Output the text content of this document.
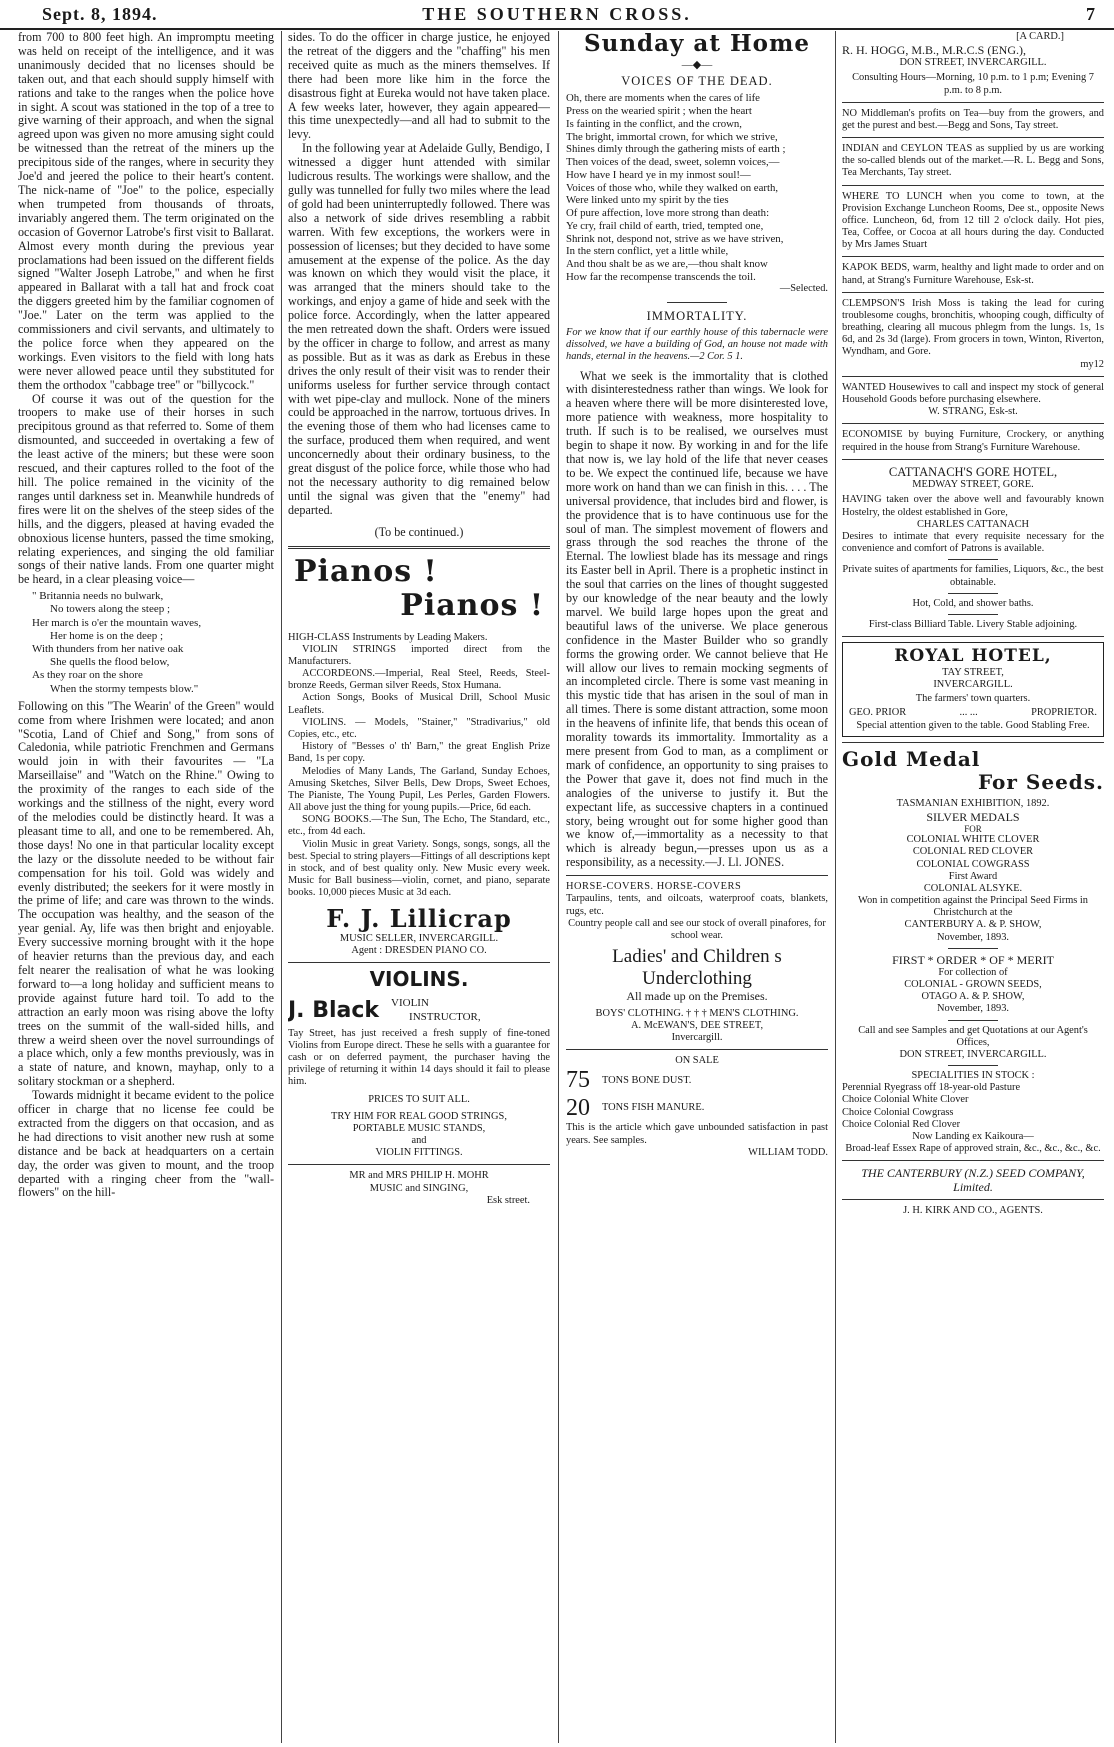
THE SOUTHERN CROSS.
Sept. 8, 1894.	7

from 700 to 800 feet high. An impromptu meeting was held on receipt of the intelligence, and it was unanimously decided that no licenses should be taken out, and that each should supply himself with rations and take to the ranges when the police hove in sight. A scout was stationed in the top of a tree to give warning of their approach, and when the signal agreed upon was given no more amusing sight could be witnessed than the retreat of the miners up the precipitous side of the ranges, where in security they Joe'd and jeered the police to their heart's content. The nick-name of "Joe" to the police, especially when trumpeted from thousands of throats, invariably angered them. The term originated on the occasion of Governor Latrobe's first visit to Ballarat. Almost every month during the previous year proclamations had been issued on the different fields signed "Walter Joseph Latrobe," and when he first appeared in Ballarat with a tall hat and frock coat the diggers greeted him by the familiar cognomen of "Joe." Later on the term was applied to the commissioners and civil servants, and ultimately to the police force when they appeared on the workings. Even visitors to the field with long hats were never allowed peace until they substituted for them the orthodox "cabbage tree" or "billycock."

Of course it was out of the question for the troopers to make use of their horses in such precipitous ground as that referred to. Some of them dismounted, and succeeded in overtaking a few of the least active of the miners; but these were soon rescued, and their captures rolled to the foot of the hill. The police remained in the vicinity of the ranges until darkness set in. Meanwhile hundreds of fires were lit on the shelves of the steep sides of the hills, and the diggers, pleased at having evaded the obnoxious license hunters, passed the time smoking, relating experiences, and singing the old familiar songs of their native lands. From one quarter might be heard, in a clear pleasing voice—

" Britannia needs no bulwark,
No towers along the steep ;
Her march is o'er the mountain waves,
Her home is on the deep ;
With thunders from her native oak
She quells the flood below,
As they roar on the shore
When the stormy tempests blow."

Following on this "The Wearin' of the Green" would come from where Irishmen were located; and anon "Scotia, Land of Chief and Song," from sons of Caledonia, while patriotic Frenchmen and Germans would join in with their favourites — "La Marseillaise" and "Watch on the Rhine." Owing to the proximity of the ranges to each side of the workings and the stillness of the night, every word of the melodies could be distinctly heard. It was a pleasant time to all, and one to be remembered. Ah, those days! No one in that particular locality except the lazy or the dissolute needed to be without fair compensation for his toil. Gold was widely and evenly distributed; the seekers for it were mostly in the prime of life; and care was thrown to the winds. The occupation was healthy, and the season of the year genial. Ay, life was then bright and enjoyable. Every successive morning brought with it the hope of heavier returns than the previous day, and each felt nearer the realisation of what he was looking forward to—a long holiday and sufficient means to provide against future hard toil. To add to the attraction an early moon was rising above the lofty trees on the summit of the wall-sided hills, and threw a weird sheen over the novel surroundings of a place which, only a few months previously, was in a state of nature, and known, mayhap, only to a solitary stockman or a shepherd.

Towards midnight it became evident to the police officer in charge that no license fee could be extracted from the diggers on that occasion, and as he had directions to visit another new rush at some distance and be back at headquarters on a certain day, the order was given to mount, and the troop departed with a ringing cheer from the "wall-flowers" on the hill-

sides. To do the officer in charge justice, he enjoyed the retreat of the diggers and the "chaffing" his men received quite as much as the miners themselves. If there had been more like him in the force the disastrous fight at Eureka would not have taken place. A few weeks later, however, they again appeared—this time unexpectedly—and all had to submit to the levy.

In the following year at Adelaide Gully, Bendigo, I witnessed a digger hunt attended with similar ludicrous results. The workings were shallow, and the gully was tunnelled for fully two miles where the lead of gold had been uninterruptedly followed. There was also a network of side drives resembling a rabbit warren. With few exceptions, the workers were in possession of licenses; but they decided to have some amusement at the expense of the police. As the day was known on which they would visit the place, it was arranged that the miners should take to the workings, and enjoy a game of hide and seek with the police force. Accordingly, when the latter appeared the men retreated down the shaft. Orders were issued by the officer in charge to follow, and arrest as many as possible. But as it was as dark as Erebus in these drives the only result of their visit was to render their uniforms useless for further service through contact with wet pipe-clay and mullock. None of the miners could be approached in the narrow, tortuous drives. In the evening those of them who had licenses came to the surface, produced them when required, and went unconcernedly about their ordinary business, to the great disgust of the police force, while those who had not the necessary authority to dig remained below until the signal was given that the "enemy" had departed.

(To be continued.)
Pianos !
Pianos !

HIGH-CLASS Instruments by Leading Makers.

VIOLIN STRINGS imported direct from the Manufacturers.

ACCORDEONS.—Imperial, Real Steel, Reeds, Steel-bronze Reeds, German silver Reeds, Stox Humana.

Action Songs, Books of Musical Drill, School Music Leaflets.

VIOLINS. — Models, "Stainer," "Stradivarius," old Copies, etc., etc.

History of "Besses o' th' Barn," the great English Prize Band, 1s per copy.

Melodies of Many Lands, The Garland, Sunday Echoes, Amusing Sketches, Silver Bells, Dew Drops, Sweet Echoes, The Pianiste, The Young Pupil, Les Perles, Garden Flowers. All above just the thing for young pupils.—Price, 6d each.

SONG BOOKS.—The Sun, The Echo, The Standard, etc., etc., from 4d each.

Violin Music in great Variety. Songs, songs, songs, all the best. Special to string players—Fittings of all descriptions kept in stock, and of best quality only. New Music every week. Music for Ball business—violin, cornet, and piano, separate books. 10,000 pieces Music at 3d each.

F. J. Lillicrap
MUSIC SELLER, INVERCARGILL.
Agent : DRESDEN PIANO CO.
VIOLINS.
J. Black VIOLIN
INSTRUCTOR,

Tay Street, has just received a fresh supply of fine-toned Violins from Europe direct. These he sells with a guarantee for cash or on deferred payment, the purchaser having the privilege of returning it within 14 days should it fail to please him.

PRICES TO SUIT ALL.
TRY HIM FOR REAL GOOD STRINGS,
PORTABLE MUSIC STANDS,
and
VIOLIN FITTINGS.
MR and MRS PHILIP H. MOHR
MUSIC and SINGING,
Esk street.
Sunday at Home
—◆—
VOICES OF THE DEAD.
Oh, there are moments when the cares of life
Press on the wearied spirit ; when the heart
Is fainting in the conflict, and the crown,
The bright, immortal crown, for which we strive,
Shines dimly through the gathering mists of earth ;
Then voices of the dead, sweet, solemn voices,—
How have I heard ye in my inmost soul!—
Voices of those who, while they walked on earth,
Were linked unto my spirit by the ties
Of pure affection, love more strong than death:
Ye cry, frail child of earth, tried, tempted one,
Shrink not, despond not, strive as we have striven,
In the stern conflict, yet a little while,
And thou shalt be as we are,—thou shalt know
How far the recompense transcends the toil.
—Selected.
IMMORTALITY.

For we know that if our earthly house of this tabernacle were dissolved, we have a building of God, an house not made with hands, eternal in the heavens.—2 Cor. 5 1.

What we seek is the immortality that is clothed with disinterestedness rather than wings. We look for a heaven where there will be more disinterested love, more patience with weakness, more hospitality to truth. If such is to be realised, we ourselves must begin to shape it now. By working in and for the life that now is, we lay hold of the life that never ceases to be. We expect the continued life, because we have more work on hand than we can finish in this. . . . The universal providence, that includes bird and flower, is the providence that is to have continuous use for the soul of man. The simplest movement of flowers and grass through the sod reaches the throne of the Eternal. The lowliest blade has its message and rings its Easter bell in April. There is a prophetic instinct in the soul that carries on the lines of thought suggested by our knowledge of the near beauty and the lowly marvel. We build large hopes upon the great and beautiful laws of the universe. We place generous confidence in the Master Builder who so grandly forms the growing order. We cannot believe that He will allow our lives to remain mocking segments of an incompleted circle. There is some vast meaning in this mystic tide that has arisen in the soul of man in all times. There is some distant attraction, some moon in the heavens of infinite life, that bends this ocean of morality towards its immortality. Immortality as a mere present from God to man, as a compliment or mark of confidence, an opportunity to sing praises to the Power that gave it, does not find much in the analogies of the universe to justify it. But the expectant life, as successive chapters in a continued story, being wrought out for some higher good than we know of,—immortality as a necessity to that which is already begun,—presses upon us as a responsibility, as a necessity.—J. Ll. JONES.

HORSE-COVERS. HORSE-COVERS

Tarpaulins, tents, and oilcoats, waterproof coats, blankets, rugs, etc.

Country people call and see our stock of overall pinafores, for school wear.

Ladies' and Children s
Underclothing
All made up on the Premises.
BOYS' CLOTHING. † † † MEN'S CLOTHING.
A. McEWAN'S, DEE STREET,
Invercargill.
ON SALE
75	TONS BONE DUST.
20	TONS FISH MANURE.

This is the article which gave unbounded satisfaction in past years. See samples.

WILLIAM TODD.
[A CARD.]
R. H. HOGG, M.B., M.R.C.S (ENG.),
DON STREET, INVERCARGILL.

Consulting Hours—Morning, 10 p.m. to 1 p.m; Evening 7 p.m. to 8 p.m.

NO Middleman's profits on Tea—buy from the growers, and get the purest and best.—Begg and Sons, Tay street.

INDIAN and CEYLON TEAS as supplied by us are working the so-called blends out of the market.—R. L. Begg and Sons, Tea Merchants, Tay street.

WHERE TO LUNCH when you come to town, at the Provision Exchange Luncheon Rooms, Dee st., opposite News office. Luncheon, 6d, from 12 till 2 o'clock daily. Hot pies, Tea, Coffee, or Cocoa at all hours during the day. Conducted by Mrs James Stuart

KAPOK BEDS, warm, healthy and light made to order and on hand, at Strang's Furniture Warehouse, Esk-st.

CLEMPSON'S Irish Moss is taking the lead for curing troublesome coughs, bronchitis, whooping cough, difficulty of breathing, clearing all mucous phlegm from the lungs. 1s, 1s 6d, and 2s 3d (large). From grocers in town, Winton, Riverton, Wyndham, and Gore.

my12

WANTED Housewives to call and inspect my stock of general Household Goods before purchasing elsewhere.

W. STRANG, Esk-st.

ECONOMISE by buying Furniture, Crockery, or anything required in the house from Strang's Furniture Warehouse.

CATTANACH'S GORE HOTEL,
MEDWAY STREET, GORE.

HAVING taken over the above well and favourably known Hostelry, the oldest established in Gore,

CHARLES CATTANACH

Desires to intimate that every requisite necessary for the convenience and comfort of Patrons is available.

Private suites of apartments for families, Liquors, &c., the best obtainable.

Hot, Cold, and shower baths.

First-class Billiard Table. Livery Stable adjoining.

ROYAL HOTEL,
TAY STREET,
INVERCARGILL.
The farmers' town quarters.
GEO. PRIOR	... ...	PROPRIETOR.

Special attention given to the table. Good Stabling Free.

Gold Medal
For Seeds.
TASMANIAN EXHIBITION, 1892.
SILVER MEDALS
FOR
COLONIAL WHITE CLOVER
COLONIAL RED CLOVER
COLONIAL COWGRASS
First Award
COLONIAL ALSYKE.

Won in competition against the Principal Seed Firms in Christchurch at the

CANTERBURY A. & P. SHOW,
November, 1893.
FIRST * ORDER * OF * MERIT
For collection of
COLONIAL - GROWN SEEDS,
OTAGO A. & P. SHOW,
November, 1893.

Call and see Samples and get Quotations at our Agent's Offices,

DON STREET, INVERCARGILL.
SPECIALITIES IN STOCK :
Perennial Ryegrass off 18-year-old Pasture
Choice Colonial White Clover
Choice Colonial Cowgrass
Choice Colonial Red Clover
Now Landing ex Kaikoura—
Broad-leaf Essex Rape of approved strain, &c., &c., &c., &c.

THE CANTERBURY (N.Z.) SEED COMPANY, Limited.

J. H. KIRK AND CO., AGENTS.
